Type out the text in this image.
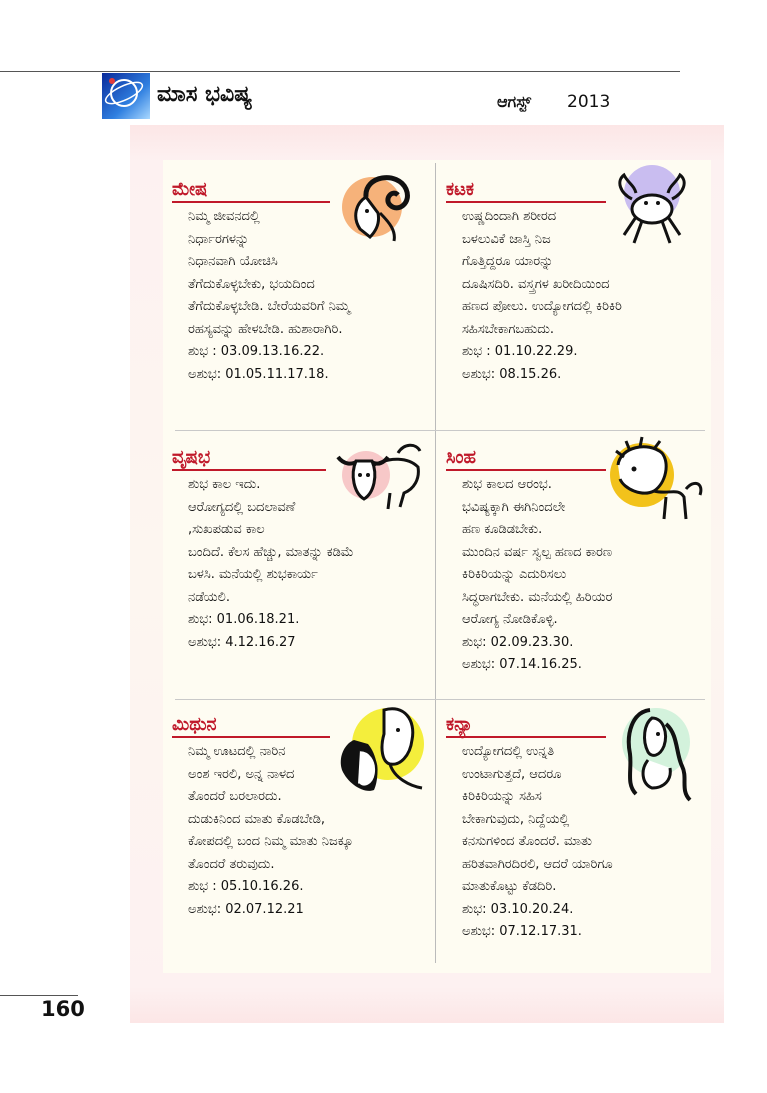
ಮಾಸ ಭವಿಷ್ಯ	ಆಗಸ್ಟ್ 2013
ಮೇಷ
ನಿಮ್ಮ ಜೀವನದಲ್ಲಿ
ನಿರ್ಧಾರಗಳನ್ನು
ನಿಧಾನವಾಗಿ ಯೋಚಿಸಿ
ತೆಗೆದುಕೊಳ್ಳಬೇಕು, ಭಯದಿಂದ
ತೆಗೆದುಕೊಳ್ಳಬೇಡಿ. ಬೇರೆಯವರಿಗೆ ನಿಮ್ಮ
ರಹಸ್ಯವನ್ನು ಹೇಳಬೇಡಿ. ಹುಶಾರಾಗಿರಿ.
ಶುಭ : 03.09.13.16.22.
ಅಶುಭ: 01.05.11.17.18.
ಕಟಕ
ಉಷ್ಣದಿಂದಾಗಿ ಶರೀರದ
ಬಳಲುವಿಕೆ ಜಾಸ್ತಿ ನಿಜ
ಗೊತ್ತಿದ್ದರೂ ಯಾರನ್ನು
ದೂಷಿಸದಿರಿ. ವಸ್ತ್ರಗಳ ಖರೀದಿಯಿಂದ
ಹಣದ ಪೋಲು. ಉದ್ಯೋಗದಲ್ಲಿ ಕಿರಿಕಿರಿ
ಸಹಿಸಬೇಕಾಗಬಹುದು.
ಶುಭ : 01.10.22.29.
ಅಶುಭ: 08.15.26.
ವೃಷಭ
ಶುಭ ಕಾಲ ಇದು.
ಆರೋಗ್ಯದಲ್ಲಿ ಬದಲಾವಣೆ
,ಸುಖಪಡುವ ಕಾಲ
ಬಂದಿದೆ. ಕೆಲಸ ಹೆಚ್ಚು, ಮಾತನ್ನು ಕಡಿಮೆ
ಬಳಸಿ. ಮನೆಯಲ್ಲಿ ಶುಭಕಾರ್ಯ
ನಡೆಯಲಿ.
ಶುಭ: 01.06.18.21.
ಅಶುಭ: 4.12.16.27
ಸಿಂಹ
ಶುಭ ಕಾಲದ ಆರಂಭ.
ಭವಿಷ್ಯಕ್ಕಾಗಿ ಈಗಿನಿಂದಲೇ
ಹಣ ಕೂಡಿಡಬೇಕು.
ಮುಂದಿನ ವರ್ಷ ಸ್ವಲ್ಪ ಹಣದ ಕಾರಣ
ಕಿರಿಕಿರಿಯನ್ನು ಎದುರಿಸಲು
ಸಿದ್ಧರಾಗಬೇಕು. ಮನೆಯಲ್ಲಿ ಹಿರಿಯರ
ಆರೋಗ್ಯ ನೋಡಿಕೊಳ್ಳಿ.
ಶುಭ: 02.09.23.30.
ಅಶುಭ: 07.14.16.25.
ಮಿಥುನ
ನಿಮ್ಮ ಊಟದಲ್ಲಿ ನಾರಿನ
ಅಂಶ ಇರಲಿ, ಅನ್ನ ನಾಳದ
ತೊಂದರೆ ಬರಲಾರದು.
ದುಡುಕಿನಿಂದ ಮಾತು ಕೊಡಬೇಡಿ,
ಕೋಪದಲ್ಲಿ ಬಂದ ನಿಮ್ಮ ಮಾತು ನಿಜಕ್ಕೂ
ತೊಂದರೆ ತರುವುದು.
ಶುಭ : 05.10.16.26.
ಅಶುಭ: 02.07.12.21
ಕನ್ಯಾ
ಉದ್ಯೋಗದಲ್ಲಿ ಉನ್ನತಿ
ಉಂಟಾಗುತ್ತದೆ, ಆದರೂ
ಕಿರಿಕಿರಿಯನ್ನು ಸಹಿಸ
ಬೇಕಾಗುವುದು, ನಿದ್ದೆಯಲ್ಲಿ
ಕನಸುಗಳಿಂದ ತೊಂದರೆ. ಮಾತು
ಹರಿತವಾಗಿರದಿರಲಿ, ಆದರೆ ಯಾರಿಗೂ
ಮಾತುಕೊಟ್ಟು ಕೆಡದಿರಿ.
ಶುಭ: 03.10.20.24.
ಅಶುಭ: 07.12.17.31.
160
